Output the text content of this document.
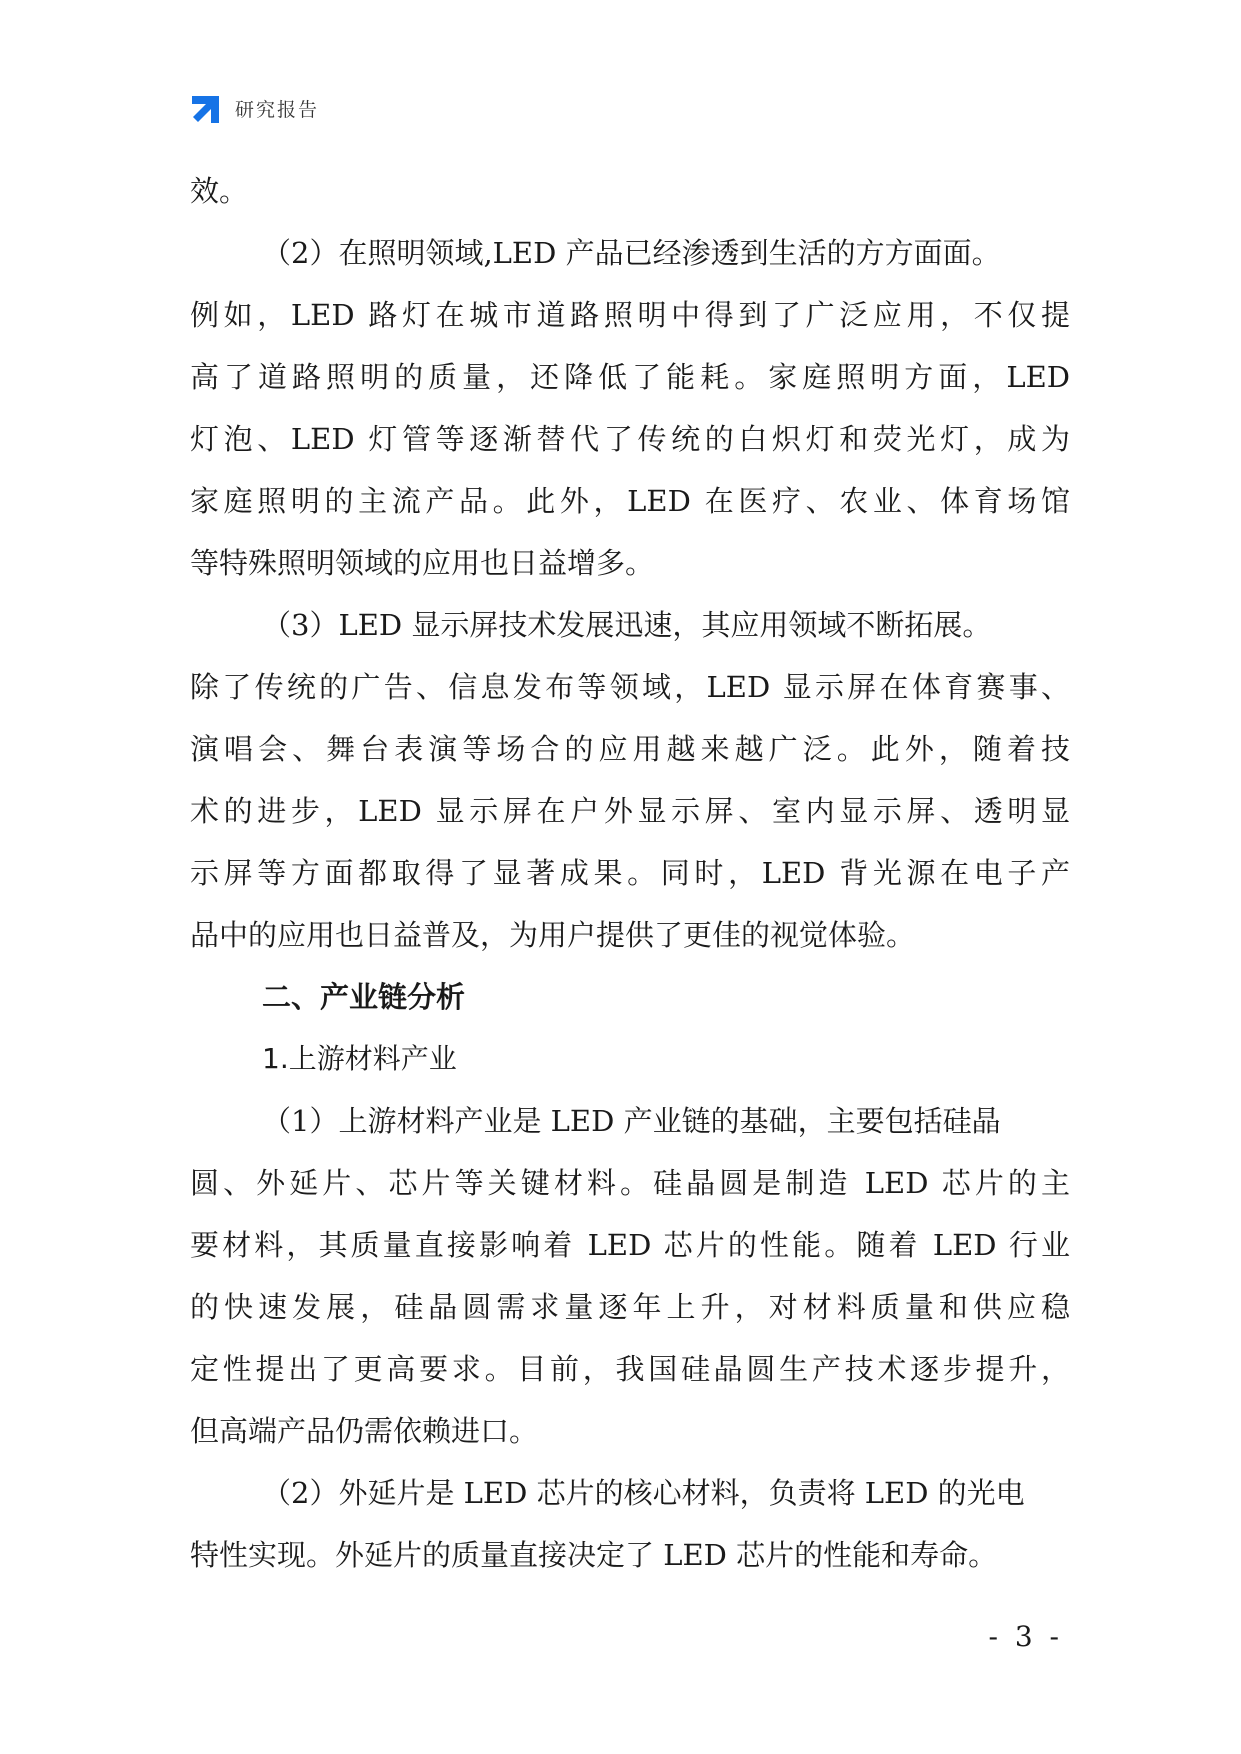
研究报告
效。
（2）在照明领域,LED 产品已经渗透到生活的方方面面。
例如，LED 路灯在城市道路照明中得到了广泛应用，不仅提
高了道路照明的质量，还降低了能耗。家庭照明方面，LED
灯泡、LED 灯管等逐渐替代了传统的白炽灯和荧光灯，成为
家庭照明的主流产品。此外，LED 在医疗、农业、体育场馆
等特殊照明领域的应用也日益增多。
（3）LED 显示屏技术发展迅速，其应用领域不断拓展。
除了传统的广告、信息发布等领域，LED 显示屏在体育赛事、
演唱会、舞台表演等场合的应用越来越广泛。此外，随着技
术的进步，LED 显示屏在户外显示屏、室内显示屏、透明显
示屏等方面都取得了显著成果。同时，LED 背光源在电子产
品中的应用也日益普及，为用户提供了更佳的视觉体验。
二、产业链分析
1.上游材料产业
（1）上游材料产业是 LED 产业链的基础，主要包括硅晶
圆、外延片、芯片等关键材料。硅晶圆是制造 LED 芯片的主
要材料，其质量直接影响着 LED 芯片的性能。随着 LED 行业
的快速发展，硅晶圆需求量逐年上升，对材料质量和供应稳
定性提出了更高要求。目前，我国硅晶圆生产技术逐步提升，
但高端产品仍需依赖进口。
（2）外延片是 LED 芯片的核心材料，负责将 LED 的光电
特性实现。外延片的质量直接决定了 LED 芯片的性能和寿命。
- 3 -
